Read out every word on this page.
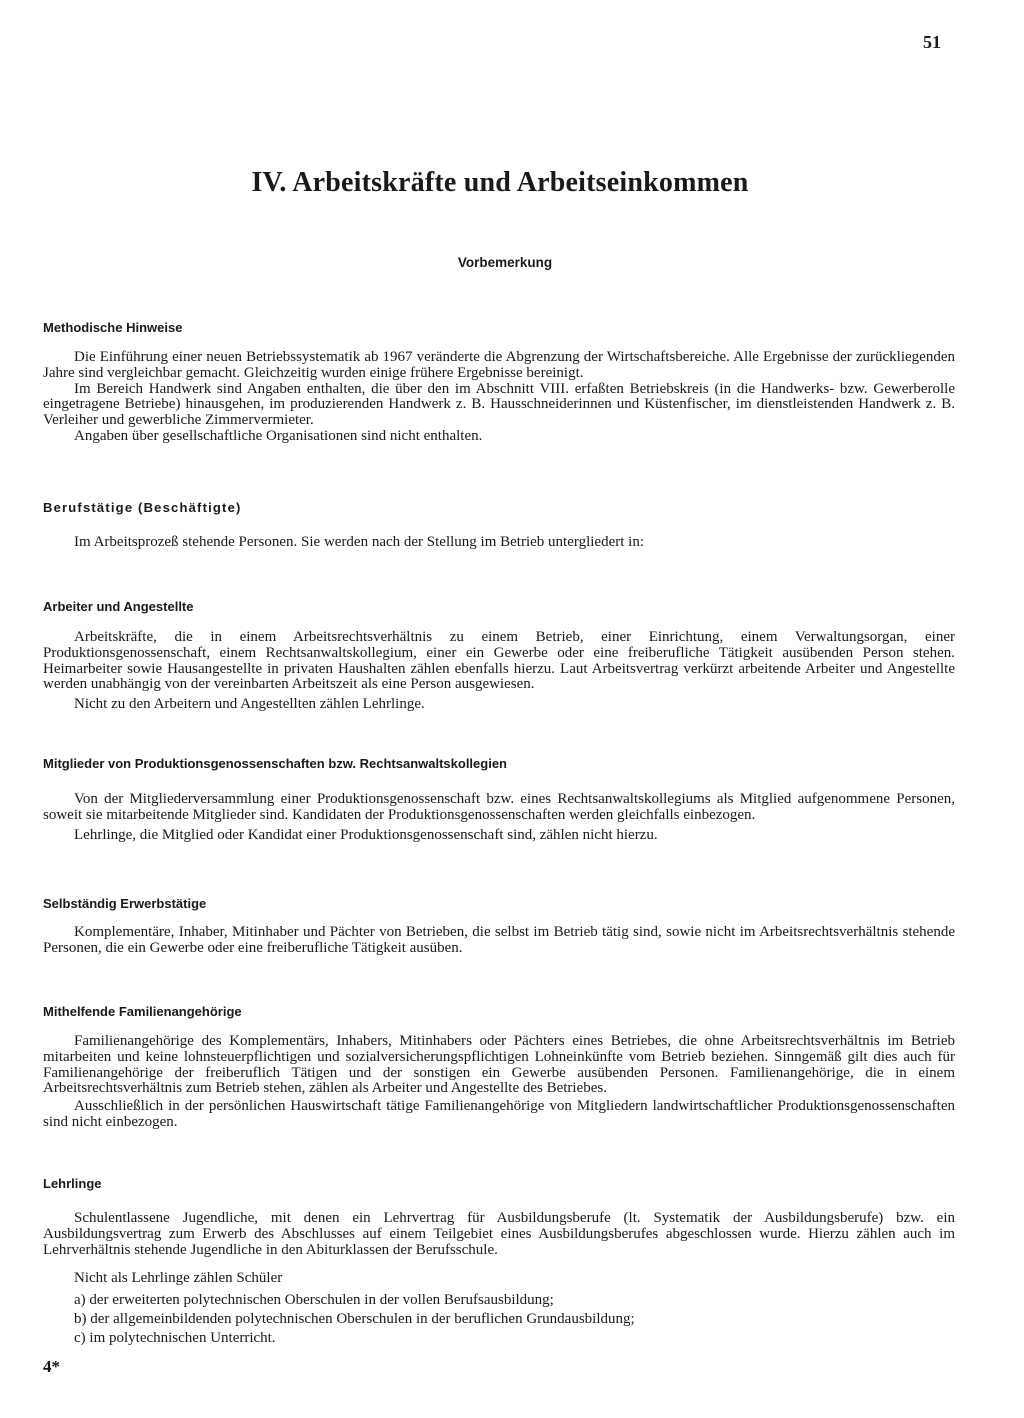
51
IV. Arbeitskräfte und Arbeitseinkommen
Vorbemerkung
Methodische Hinweise

Die Einführung einer neuen Betriebssystematik ab 1967 veränderte die Abgrenzung der Wirtschaftsbereiche. Alle Ergebnisse der zurückliegenden Jahre sind vergleichbar gemacht. Gleichzeitig wurden einige frühere Ergebnisse bereinigt.

Im Bereich Handwerk sind Angaben enthalten, die über den im Abschnitt VIII. erfaßten Betriebskreis (in die Handwerks- bzw. Gewerberolle eingetragene Betriebe) hinausgehen, im produzierenden Handwerk z. B. Hausschneiderinnen und Küstenfischer, im dienstleistenden Handwerk z. B. Verleiher und gewerbliche Zimmervermieter.

Angaben über gesellschaftliche Organisationen sind nicht enthalten.

Berufstätige (Beschäftigte)

Im Arbeitsprozeß stehende Personen. Sie werden nach der Stellung im Betrieb untergliedert in:

Arbeiter und Angestellte

Arbeitskräfte, die in einem Arbeitsrechtsverhältnis zu einem Betrieb, einer Einrichtung, einem Verwaltungsorgan, einer Produktionsgenossenschaft, einem Rechtsanwaltskollegium, einer ein Gewerbe oder eine freiberufliche Tätigkeit ausübenden Person stehen. Heimarbeiter sowie Hausangestellte in privaten Haushalten zählen ebenfalls hierzu. Laut Arbeitsvertrag verkürzt arbeitende Arbeiter und Angestellte werden unabhängig von der vereinbarten Arbeitszeit als eine Person ausgewiesen.

Nicht zu den Arbeitern und Angestellten zählen Lehrlinge.

Mitglieder von Produktionsgenossenschaften bzw. Rechtsanwaltskollegien

Von der Mitgliederversammlung einer Produktionsgenossenschaft bzw. eines Rechtsanwaltskollegiums als Mitglied aufgenommene Personen, soweit sie mitarbeitende Mitglieder sind. Kandidaten der Produktionsgenossenschaften werden gleichfalls einbezogen.

Lehrlinge, die Mitglied oder Kandidat einer Produktionsgenossenschaft sind, zählen nicht hierzu.

Selbständig Erwerbstätige

Komplementäre, Inhaber, Mitinhaber und Pächter von Betrieben, die selbst im Betrieb tätig sind, sowie nicht im Arbeitsrechtsverhältnis stehende Personen, die ein Gewerbe oder eine freiberufliche Tätigkeit ausüben.

Mithelfende Familienangehörige

Familienangehörige des Komplementärs, Inhabers, Mitinhabers oder Pächters eines Betriebes, die ohne Arbeitsrechtsverhältnis im Betrieb mitarbeiten und keine lohnsteuerpflichtigen und sozialversicherungspflichtigen Lohneinkünfte vom Betrieb beziehen. Sinngemäß gilt dies auch für Familienangehörige der freiberuflich Tätigen und der sonstigen ein Gewerbe ausübenden Personen. Familienangehörige, die in einem Arbeitsrechtsverhältnis zum Betrieb stehen, zählen als Arbeiter und Angestellte des Betriebes.

Ausschließlich in der persönlichen Hauswirtschaft tätige Familienangehörige von Mitgliedern landwirtschaftlicher Produktionsgenossenschaften sind nicht einbezogen.

Lehrlinge

Schulentlassene Jugendliche, mit denen ein Lehrvertrag für Ausbildungsberufe (lt. Systematik der Ausbildungsberufe) bzw. ein Ausbildungsvertrag zum Erwerb des Abschlusses auf einem Teilgebiet eines Ausbildungsberufes abgeschlossen wurde. Hierzu zählen auch im Lehrverhältnis stehende Jugendliche in den Abiturklassen der Berufsschule.

Nicht als Lehrlinge zählen Schüler

a) der erweiterten polytechnischen Oberschulen in der vollen Berufsausbildung;
b) der allgemeinbildenden polytechnischen Oberschulen in der beruflichen Grundausbildung;
c) im polytechnischen Unterricht.
4*
